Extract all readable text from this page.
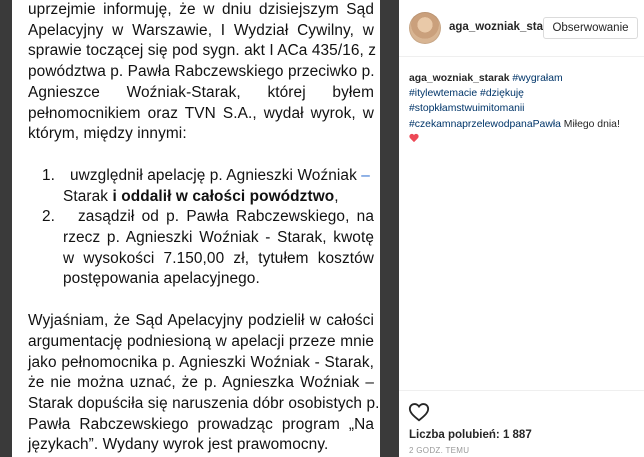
uprzejmie informuję, że w dniu dzisiejszym Sąd
Apelacyjny w Warszawie, I Wydział Cywilny, w
sprawie toczącej się pod sygn. akt I ACa 435/16, z
powództwa p. Pawła Rabczewskiego przeciwko p.
Agnieszce Woźniak-Starak, której byłem
pełnomocnikiem oraz TVN S.A., wydał wyrok, w
którym, między innymi:
1. uwzględnił apelację p. Agnieszki Woźniak –
Starak i oddalił w całości powództwo,
2.	zasądził od p. Pawła Rabczewskiego, na
rzecz p. Agnieszki Woźniak - Starak, kwotę
w wysokości 7.150,00 zł, tytułem kosztów
postępowania apelacyjnego.
Wyjaśniam, że Sąd Apelacyjny podzielił w całości
argumentację podniesioną w apelacji przeze mnie
jako pełnomocnika p. Agnieszki Woźniak - Starak,
że nie można uznać, że p. Agnieszka Woźniak –
Starak dopuściła się naruszenia dóbr osobistych p.
Pawła Rabczewskiego prowadząc program „Na
językach”. Wydany wyrok jest prawomocny.
aga_wozniak_sta Obserwowanie
aga_wozniak_starak #wygrałam
#itylewtemacie #dziękuję
#stopkłamstwuimitomanii
#czekamnaprzelewodpanaPawła Miłego dnia!
Liczba polubień: 1 887
2 GODZ. TEMU
